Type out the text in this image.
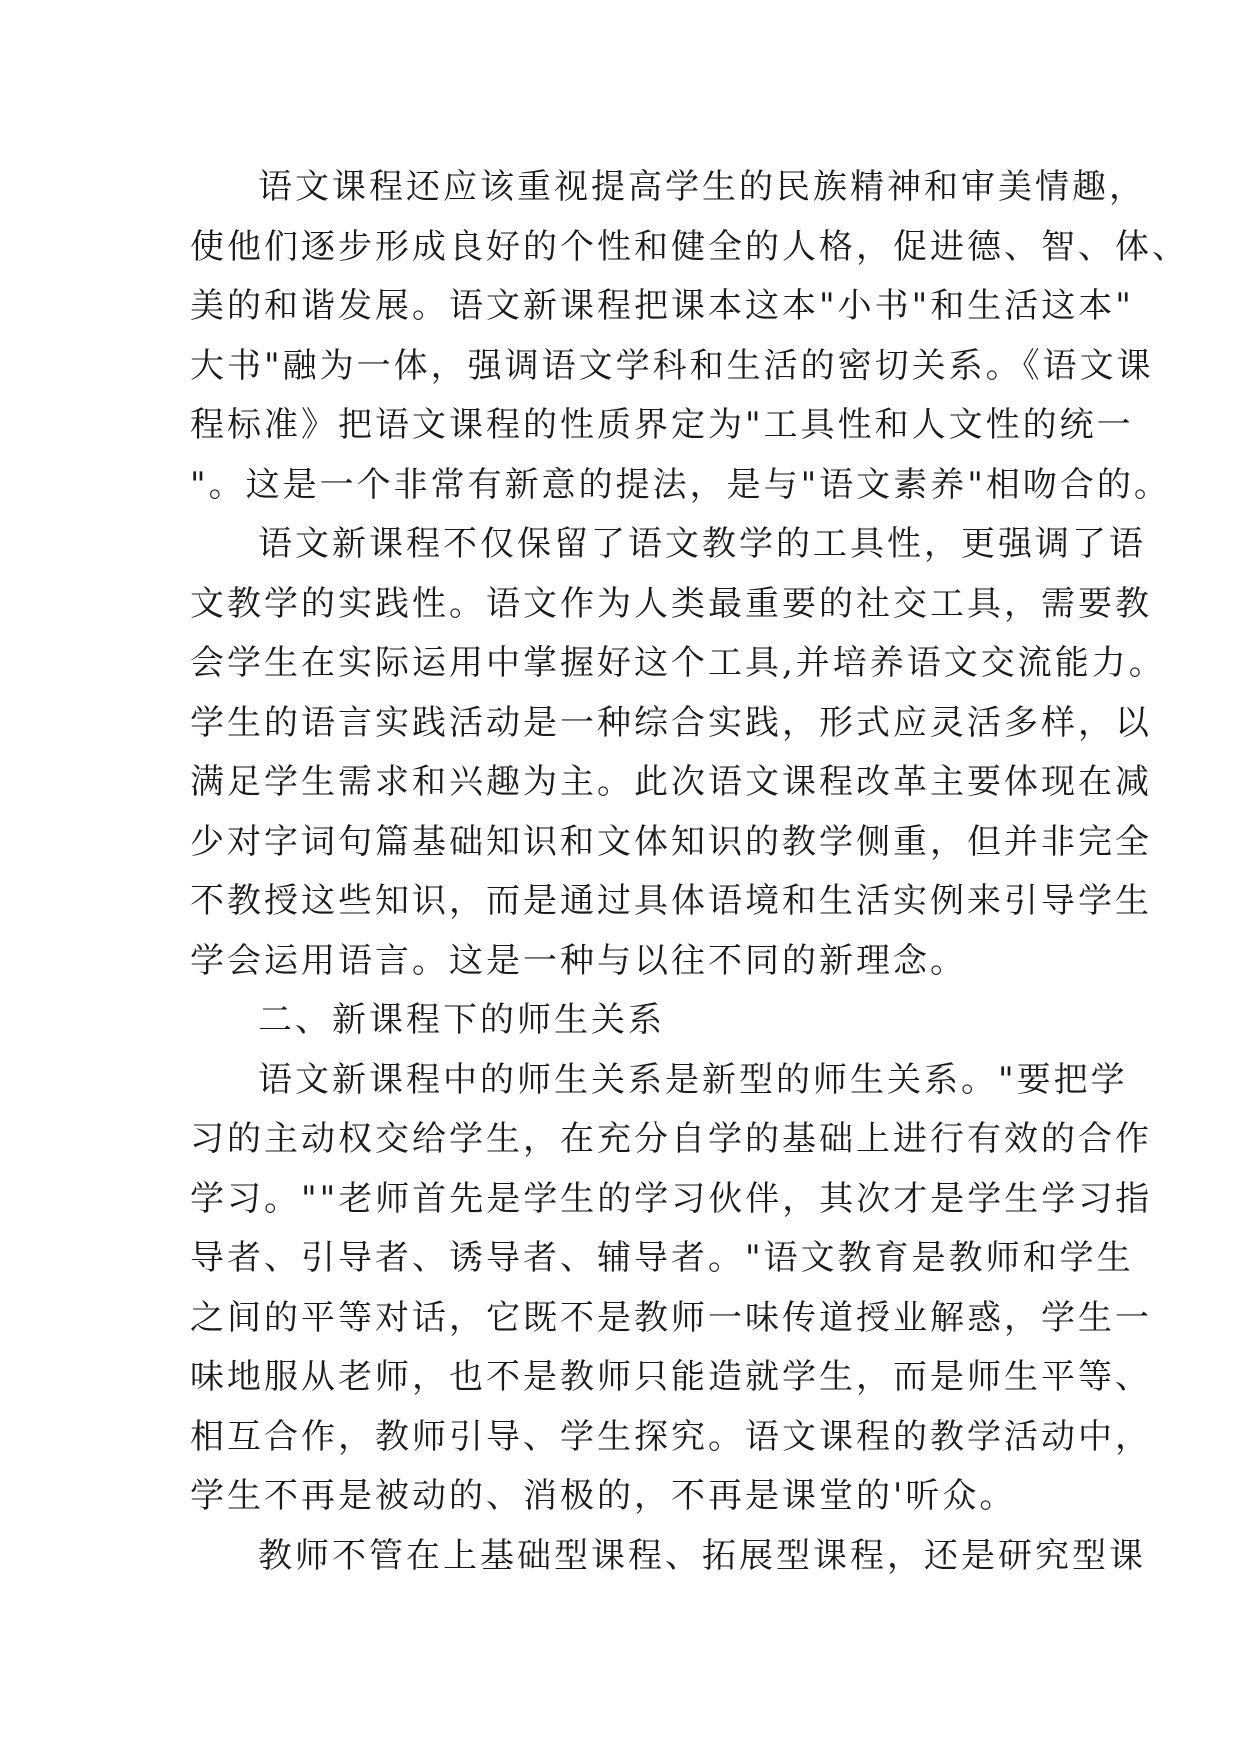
语文课程还应该重视提高学生的民族精神和审美情趣，
使他们逐步形成良好的个性和健全的人格，促进德、智、体、
美的和谐发展。语文新课程把课本这本"小书"和生活这本"
大书"融为一体，强调语文学科和生活的密切关系。《语文课
程标准》把语文课程的性质界定为"工具性和人文性的统一
"。这是一个非常有新意的提法，是与"语文素养"相吻合的。
语文新课程不仅保留了语文教学的工具性，更强调了语
文教学的实践性。语文作为人类最重要的社交工具，需要教
会学生在实际运用中掌握好这个工具,并培养语文交流能力。
学生的语言实践活动是一种综合实践，形式应灵活多样，以
满足学生需求和兴趣为主。此次语文课程改革主要体现在减
少对字词句篇基础知识和文体知识的教学侧重，但并非完全
不教授这些知识，而是通过具体语境和生活实例来引导学生
学会运用语言。这是一种与以往不同的新理念。
二、新课程下的师生关系
语文新课程中的师生关系是新型的师生关系。"要把学
习的主动权交给学生，在充分自学的基础上进行有效的合作
学习。""老师首先是学生的学习伙伴，其次才是学生学习指
导者、引导者、诱导者、辅导者。"语文教育是教师和学生
之间的平等对话，它既不是教师一味传道授业解惑，学生一
味地服从老师，也不是教师只能造就学生，而是师生平等、
相互合作，教师引导、学生探究。语文课程的教学活动中，
学生不再是被动的、消极的，不再是课堂的'听众。
教师不管在上基础型课程、拓展型课程，还是研究型课
